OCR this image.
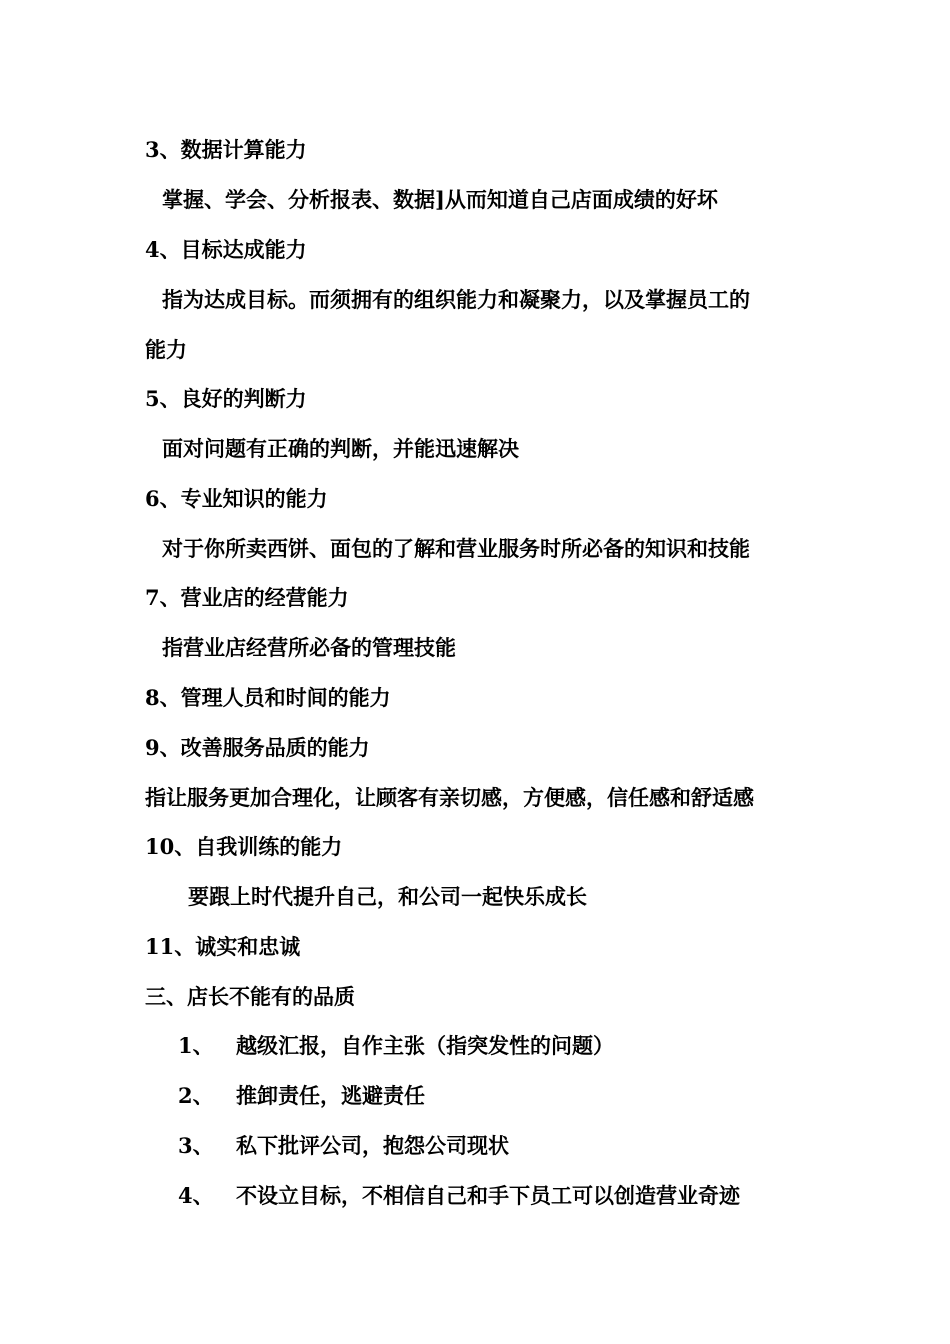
3、数据计算能力
掌握、学会、分析报表、数据]从而知道自己店面成绩的好坏
4、目标达成能力
指为达成目标。而须拥有的组织能力和凝聚力，以及掌握员工的
能力
5、良好的判断力
面对问题有正确的判断，并能迅速解决
6、专业知识的能力
对于你所卖西饼、面包的了解和营业服务时所必备的知识和技能
7、营业店的经营能力
指营业店经营所必备的管理技能
8、管理人员和时间的能力
9、改善服务品质的能力
指让服务更加合理化，让顾客有亲切感，方便感，信任感和舒适感
10、自我训练的能力
要跟上时代提升自己，和公司一起快乐成长
11、诚实和忠诚
三、店长不能有的品质
1、 越级汇报，自作主张（指突发性的问题）
2、 推卸责任，逃避责任
3、 私下批评公司，抱怨公司现状
4、 不设立目标，不相信自己和手下员工可以创造营业奇迹
